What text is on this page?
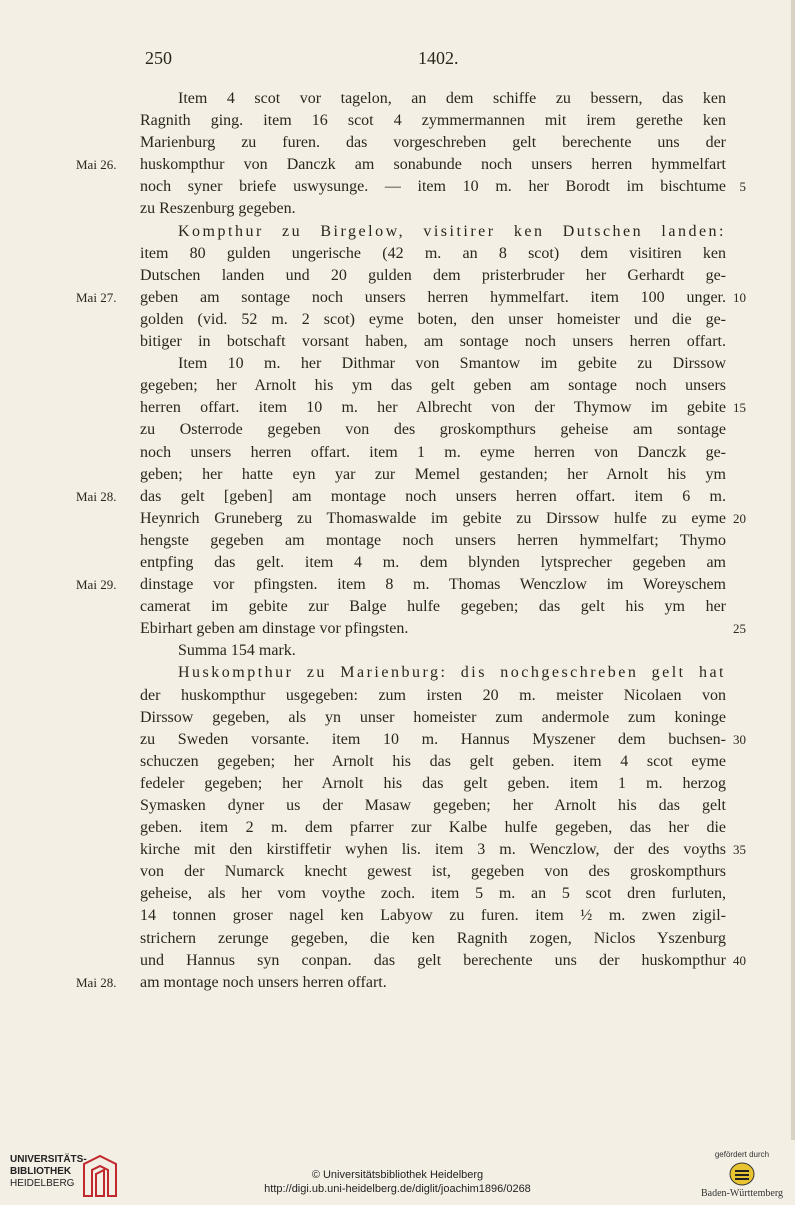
250	1402.
Item 4 scot vor tagelon, an dem schiffe zu bessern, das ken
Ragnith ging. item 16 scot 4 zymmermannen mit irem gerethe ken
Marienburg zu furen. das vorgeschreben gelt berechente uns der
Mai 26. huskompthur von Danczk am sonabunde noch unsers herren hymmelfart
noch syner briefe uswysunge. — item 10 m. her Borodt im bischtume 5
zu Reszenburg gegeben.
Kompthur zu Birgelow, visitirer ken Dutschen landen:
item 80 gulden ungerische (42 m. an 8 scot) dem visitiren ken
Dutschen landen und 20 gulden dem pristerbruder her Gerhardt ge-
Mai 27. geben am sontage noch unsers herren hymmelfart. item 100 unger. 10
golden (vid. 52 m. 2 scot) eyme boten, den unser homeister und die ge-
bitiger in botschaft vorsant haben, am sontage noch unsers herren offart.
Item 10 m. her Dithmar von Smantow im gebite zu Dirssow
gegeben; her Arnolt his ym das gelt geben am sontage noch unsers
herren offart. item 10 m. her Albrecht von der Thymow im gebite 15
zu Osterrode gegeben von des groskompthurs geheise am sontage
noch unsers herren offart. item 1 m. eyme herren von Danczk ge-
geben; her hatte eyn yar zur Memel gestanden; her Arnolt his ym
Mai 28. das gelt [geben] am montage noch unsers herren offart. item 6 m.
Heynrich Gruneberg zu Thomaswalde im gebite zu Dirssow hulfe zu eyme 20
hengste gegeben am montage noch unsers herren hymmelfart; Thymo
entpfing das gelt. item 4 m. dem blynden lytsprecher gegeben am
Mai 29. dinstage vor pfingsten. item 8 m. Thomas Wenczlow im Woreyschem
camerat im gebite zur Balge hulfe gegeben; das gelt his ym her
Ebirhart geben am dinstage vor pfingsten.	25
Summa 154 mark.
Huskompthur zu Marienburg: dis nochgeschreben gelt hat
der huskompthur usgegeben: zum irsten 20 m. meister Nicolaen von
Dirssow gegeben, als yn unser homeister zum andermole zum koninge
zu Sweden vorsante. item 10 m. Hannus Myszener dem buchsen- 30
schuczen gegeben; her Arnolt his das gelt geben. item 4 scot eyme
fedeler gegeben; her Arnolt his das gelt geben. item 1 m. herzog
Symasken dyner us der Masaw gegeben; her Arnolt his das gelt
geben. item 2 m. dem pfarrer zur Kalbe hulfe gegeben, das her die
kirche mit den kirstiffetir wyhen lis. item 3 m. Wenczlow, der des voyths 35
von der Numarck knecht gewest ist, gegeben von des groskompthurs
geheise, als her vom voythe zoch. item 5 m. an 5 scot dren furluten,
14 tonnen groser nagel ken Labyow zu furen. item ½ m. zwen zigil-
strichern zerunge gegeben, die ken Ragnith zogen, Niclos Yszenburg
und Hannus syn conpan. das gelt berechente uns der huskompthur 40
Mai 28. am montage noch unsers herren offart.
UNIVERSITÄTS-
BIBLIOTHEK
HEIDELBERG
© Universitätsbibliothek Heidelberg
http://digi.ub.uni-heidelberg.de/diglit/joachim1896/0268
gefördert durch
Baden-Württemberg
